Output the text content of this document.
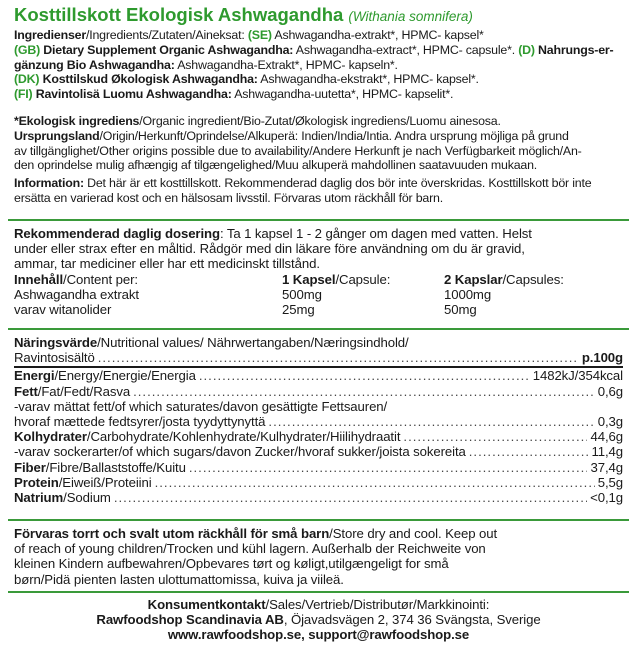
Kosttillskott Ekologisk Ashwagandha (Withania somnifera)
Ingredienser/Ingredients/Zutaten/Aineksat: (SE) Ashwagandha-extrakt*, HPMC- kapsel*
(GB) Dietary Supplement Organic Ashwagandha: Ashwagandha-extract*, HPMC- capsule*. (D) Nahrungs-er-
gänzung Bio Ashwagandha: Ashwagandha-Extrakt*, HPMC- kapseln*.
(DK) Kosttilskud Økologisk Ashwagandha: Ashwagandha-ekstrakt*, HPMC- kapsel*.
(FI) Ravintolisä Luomu Ashwagandha: Ashwagandha-uutetta*, HPMC- kapselit*.
*Ekologisk ingrediens/Organic ingredient/Bio-Zutat/Økologisk ingrediens/Luomu ainesosa.
Ursprungsland/Origin/Herkunft/Oprindelse/Alkuperä: Indien/India/Intia. Andra ursprung möjliga på grund
av tillgänglighet/Other origins possible due to availability/Andere Herkunft je nach Verfügbarkeit möglich/An-
den oprindelse mulig afhængig af tilgængelighed/Muu alkuperä mahdollinen saatavuuden mukaan.
Information: Det här är ett kosttillskott. Rekommenderad daglig dos bör inte överskridas. Kosttillskott bör inte
ersätta en varierad kost och en hälsosam livsstil. Förvaras utom räckhåll för barn.
Rekommenderad daglig dosering: Ta 1 kapsel 1 - 2 gånger om dagen med vatten. Helst
under eller strax efter en måltid. Rådgör med din läkare före användning om du är gravid,
ammar, tar mediciner eller har ett medicinskt tillstånd.
Innehåll/Content per:	1 Kapsel/Capsule:	2 Kapslar/Capsules:
Ashwagandha extrakt	500mg	1000mg
varav witanolider	25mg	50mg
Näringsvärde/Nutritional values/ Nährwertangaben/Næringsindhold/
Ravintosisältö .....	p.100g
Energi/Energy/Energie/Energia .....	1482kJ/354kcal
Fett/Fat/Fedt/Rasva .....	0,6g
-varav mättat fett/of which saturates/davon gesättigte Fettsauren/
hvoraf mættede fedtsyrer/josta tyydyttynyttä .....	0,3g
Kolhydrater/Carbohydrate/Kohlenhydrate/Kulhydrater/Hiilihydraatit .....	44,6g
-varav sockerarter/of which sugars/davon Zucker/hvoraf sukker/joista sokereita .....	11,4g
Fiber/Fibre/Ballaststoffe/Kuitu .....	37,4g
Protein/Eiweiß/Proteiini .....	5,5g
Natrium/Sodium .....	<0,1g
Förvaras torrt och svalt utom räckhåll för små barn/Store dry and cool. Keep out
of reach of young children/Trocken und kühl lagern. Außerhalb der Reichweite von
kleinen Kindern aufbewahren/Opbevares tørt og køligt,utilgængeligt for små
børn/Pidä pienten lasten ulottumattomissa, kuiva ja viileä.
Konsumentkontakt/Sales/Vertrieb/Distributør/Markkinointi:
Rawfoodshop Scandinavia AB, Öjavadsvägen 2, 374 36 Svängsta, Sverige
www.rawfoodshop.se, support@rawfoodshop.se
